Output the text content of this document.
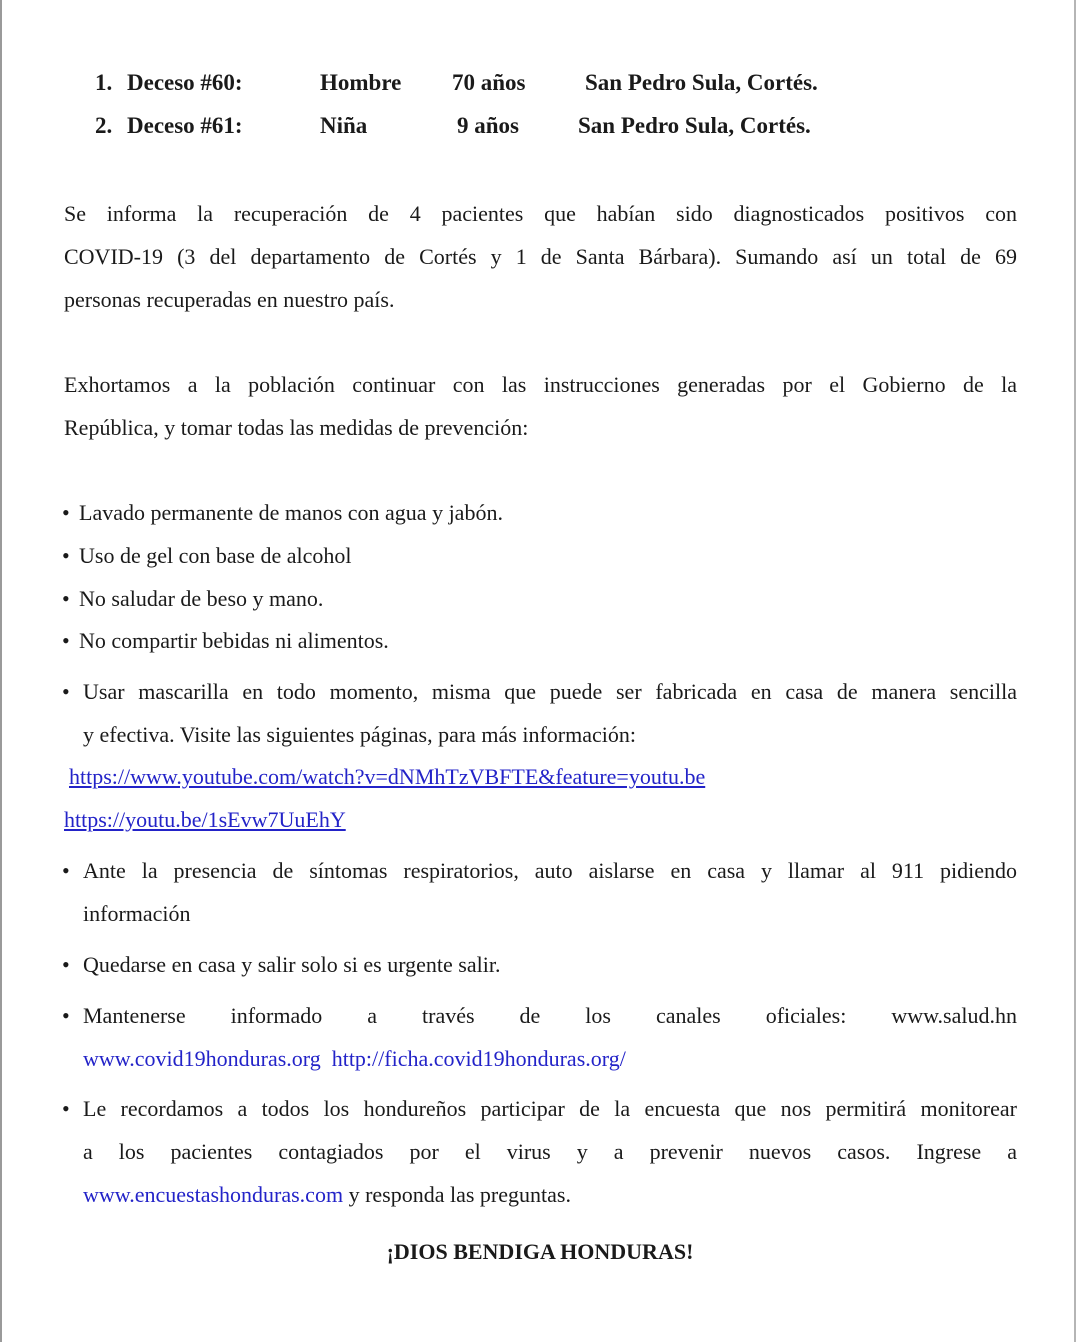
1. Deceso #60:	Hombre 70 años	San Pedro Sula, Cortés.
2. Deceso #61:	Niña	9 años	San Pedro Sula, Cortés.
Se informa la recuperación de 4 pacientes que habían sido diagnosticados positivos con
COVID-19 (3 del departamento de Cortés y 1 de Santa Bárbara). Sumando así un total de 69
personas recuperadas en nuestro país.
Exhortamos a la población continuar con las instrucciones generadas por el Gobierno de la
República, y tomar todas las medidas de prevención:
• Lavado permanente de manos con agua y jabón.
• Uso de gel con base de alcohol
• No saludar de beso y mano.
• No compartir bebidas ni alimentos.
• Usar mascarilla en todo momento, misma que puede ser fabricada en casa de manera sencilla
y efectiva. Visite las siguientes páginas, para más información:
https://www.youtube.com/watch?v=dNMhTzVBFTE&feature=youtu.be
https://youtu.be/1sEvw7UuEhY
• Ante la presencia de síntomas respiratorios, auto aislarse en casa y llamar al 911 pidiendo
información
• Quedarse en casa y salir solo si es urgente salir.
• Mantenerse informado a través de los canales oficiales: www.salud.hn
www.covid19honduras.org http://ficha.covid19honduras.org/
• Le recordamos a todos los hondureños participar de la encuesta que nos permitirá monitorear
a los pacientes contagiados por el virus y a prevenir nuevos casos. Ingrese a
www.encuestashonduras.com y responda las preguntas.
¡DIOS BENDIGA HONDURAS!
